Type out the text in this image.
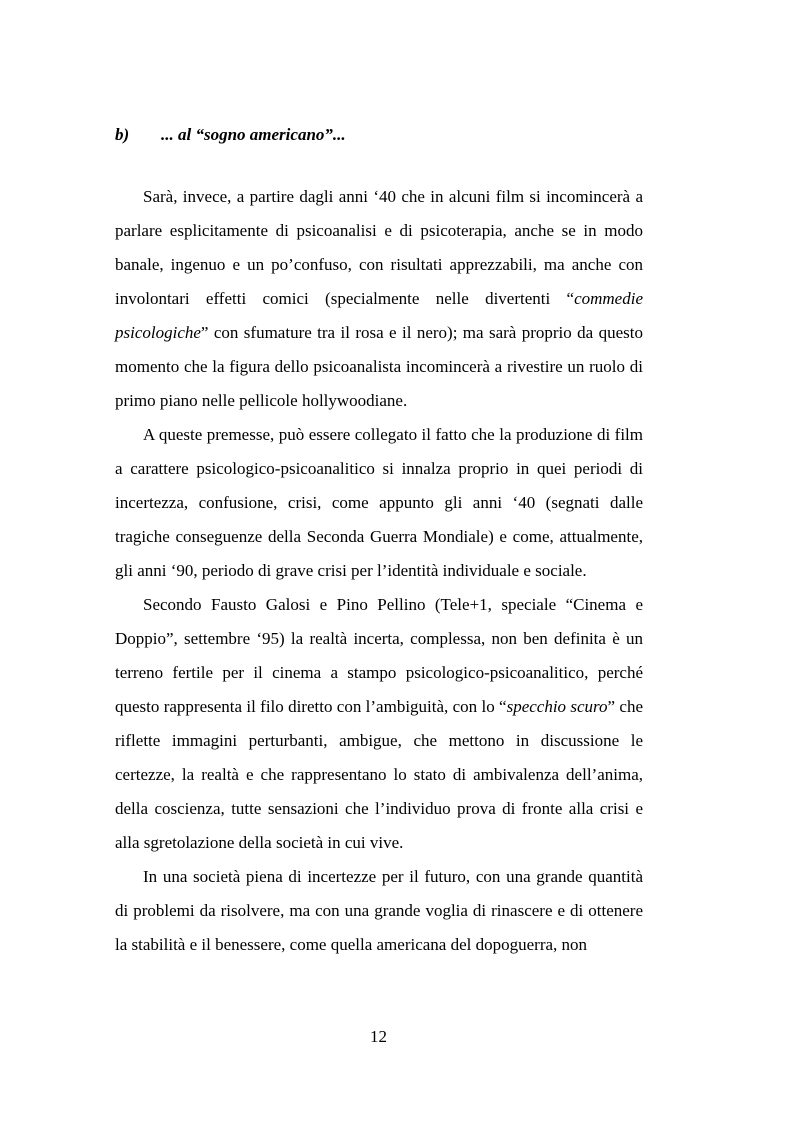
b) ... al “sogno americano”...

Sarà, invece, a partire dagli anni ‘40 che in alcuni film si incomincerà a parlare esplicitamente di psicoanalisi e di psicoterapia, anche se in modo banale, ingenuo e un po’confuso, con risultati apprezzabili, ma anche con involontari effetti comici (specialmente nelle divertenti “commedie psicologiche” con sfumature tra il rosa e il nero); ma sarà proprio da questo momento che la figura dello psicoanalista incomincerà a rivestire un ruolo di primo piano nelle pellicole hollywoodiane.

A queste premesse, può essere collegato il fatto che la produzione di film a carattere psicologico-psicoanalitico si innalza proprio in quei periodi di incertezza, confusione, crisi, come appunto gli anni ‘40 (segnati dalle tragiche conseguenze della Seconda Guerra Mondiale) e come, attualmente, gli anni ‘90, periodo di grave crisi per l’identità individuale e sociale.

Secondo Fausto Galosi e Pino Pellino (Tele+1, speciale “Cinema e Doppio”, settembre ‘95) la realtà incerta, complessa, non ben definita è un terreno fertile per il cinema a stampo psicologico-psicoanalitico, perché questo rappresenta il filo diretto con l’ambiguità, con lo “specchio scuro” che riflette immagini perturbanti, ambigue, che mettono in discussione le certezze, la realtà e che rappresentano lo stato di ambivalenza dell’anima, della coscienza, tutte sensazioni che l’individuo prova di fronte alla crisi e alla sgretolazione della società in cui vive.

In una società piena di incertezze per il futuro, con una grande quantità di problemi da risolvere, ma con una grande voglia di rinascere e di ottenere la stabilità e il benessere, come quella americana del dopoguerra, non

12
